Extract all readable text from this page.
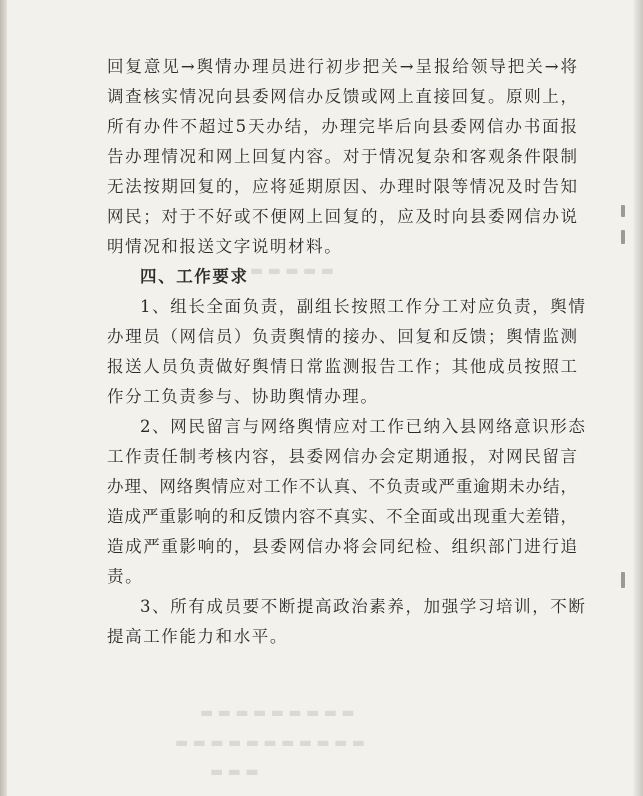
▬ ▬ ▬ ▬ ▬
▬ ▬ ▬ ▬ ▬ ▬ ▬ ▬ ▬
▬ ▬ ▬ ▬ ▬ ▬ ▬ ▬ ▬ ▬ ▬
▬ ▬ ▬
回复意见→舆情办理员进行初步把关→呈报给领导把关→将
调查核实情况向县委网信办反馈或网上直接回复。原则上，
所有办件不超过5天办结，办理完毕后向县委网信办书面报
告办理情况和网上回复内容。对于情况复杂和客观条件限制
无法按期回复的，应将延期原因、办理时限等情况及时告知
网民；对于不好或不便网上回复的，应及时向县委网信办说
明情况和报送文字说明材料。
四、工作要求
1、组长全面负责，副组长按照工作分工对应负责，舆情
办理员（网信员）负责舆情的接办、回复和反馈；舆情监测
报送人员负责做好舆情日常监测报告工作；其他成员按照工
作分工负责参与、协助舆情办理。
2、网民留言与网络舆情应对工作已纳入县网络意识形态
工作责任制考核内容，县委网信办会定期通报，对网民留言
办理、网络舆情应对工作不认真、不负责或严重逾期未办结，
造成严重影响的和反馈内容不真实、不全面或出现重大差错，
造成严重影响的，县委网信办将会同纪检、组织部门进行追
责。
3、所有成员要不断提高政治素养，加强学习培训，不断
提高工作能力和水平。
